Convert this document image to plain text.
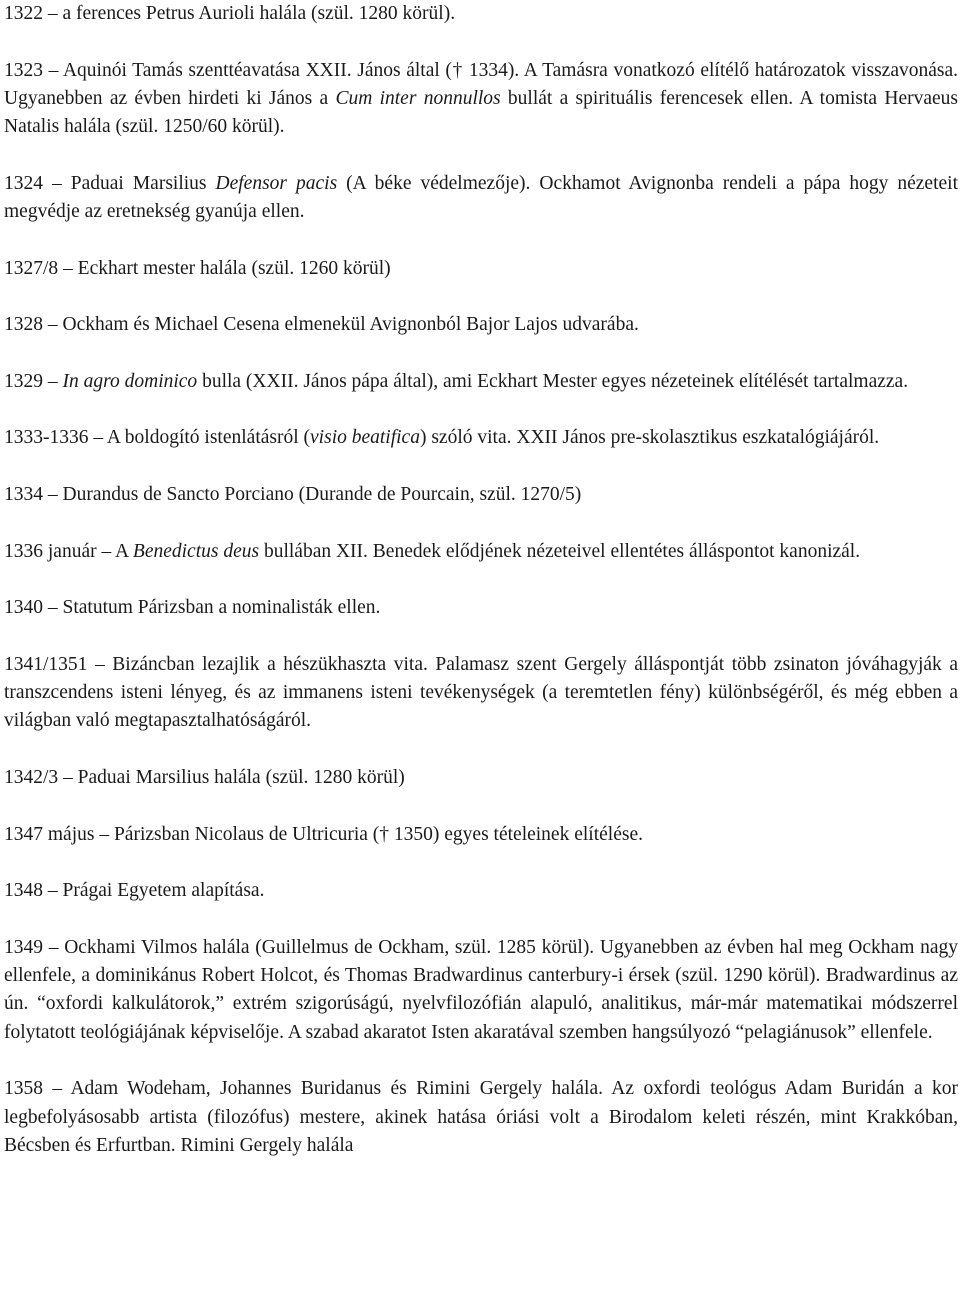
1322 – a ferences Petrus Aurioli halála (szül. 1280 körül).

1323 – Aquinói Tamás szenttéavatása XXII. János által († 1334). A Tamásra vonatkozó elítélő határozatok visszavonása. Ugyanebben az évben hirdeti ki János a Cum inter nonnullos bullát a spirituális ferencesek ellen. A tomista Hervaeus Natalis halála (szül. 1250/60 körül).

1324 – Paduai Marsilius Defensor pacis (A béke védelmezője). Ockhamot Avignonba rendeli a pápa hogy nézeteit megvédje az eretnekség gyanúja ellen.

1327/8 – Eckhart mester halála (szül. 1260 körül)

1328 – Ockham és Michael Cesena elmenekül Avignonból Bajor Lajos udvarába.

1329 – In agro dominico bulla (XXII. János pápa által), ami Eckhart Mester egyes nézeteinek elítélését tartalmazza.

1333-1336 – A boldogító istenlátásról (visio beatifica) szóló vita. XXII János pre-skolasztikus eszkatalógiájáról.

1334 – Durandus de Sancto Porciano (Durande de Pourcain, szül. 1270/5)

1336 január – A Benedictus deus bullában XII. Benedek elődjének nézeteivel ellentétes álláspontot kanonizál.

1340 – Statutum Párizsban a nominalisták ellen.

1341/1351 – Bizáncban lezajlik a hészükhaszta vita. Palamasz szent Gergely álláspontját több zsinaton jóváhagyják a transzcendens isteni lényeg, és az immanens isteni tevékenységek (a teremtetlen fény) különbségéről, és még ebben a világban való megtapasztalhatóságáról.

1342/3 – Paduai Marsilius halála (szül. 1280 körül)

1347 május – Párizsban Nicolaus de Ultricuria († 1350) egyes tételeinek elítélése.

1348 – Prágai Egyetem alapítása.

1349 – Ockhami Vilmos halála (Guillelmus de Ockham, szül. 1285 körül). Ugyanebben az évben hal meg Ockham nagy ellenfele, a dominikánus Robert Holcot, és Thomas Bradwardinus canterbury-i érsek (szül. 1290 körül). Bradwardinus az ún. “oxfordi kalkulátorok,” extrém szigorúságú, nyelvfilozófián alapuló, analitikus, már-már matematikai módszerrel folytatott teológiájának képviselője. A szabad akaratot Isten akaratával szemben hangsúlyozó “pelagiánusok” ellenfele.

1358 – Adam Wodeham, Johannes Buridanus és Rimini Gergely halála. Az oxfordi teológus Adam Buridán a kor legbefolyásosabb artista (filozófus) mestere, akinek hatása óriási volt a Birodalom keleti részén, mint Krakkóban, Bécsben és Erfurtban. Rimini Gergely halála
